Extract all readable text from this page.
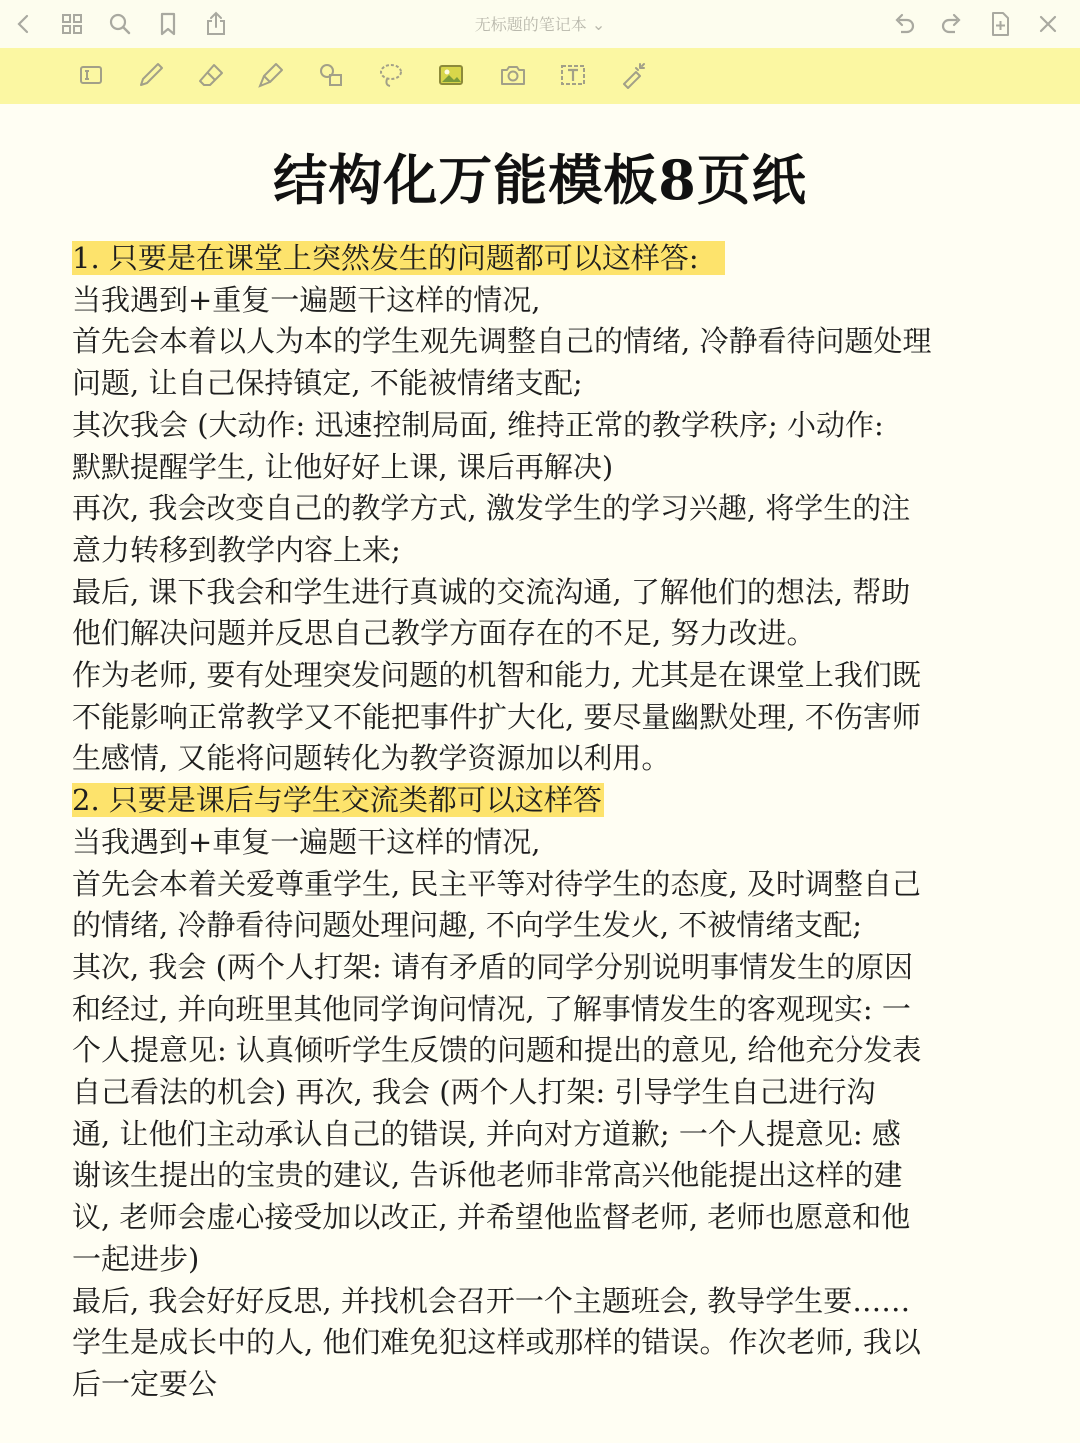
无标题的笔记本 ⌄
结构化万能模板8页纸
1. 只要是在课堂上突然发生的问题都可以这样答:
当我遇到+重复一遍题干这样的情况,
首先会本着以人为本的学生观先调整自己的情绪, 冷静看待问题处理
问题, 让自己保持镇定, 不能被情绪支配;
其次我会 (大动作: 迅速控制局面, 维持正常的教学秩序; 小动作:
默默提醒学生, 让他好好上课, 课后再解决)
再次, 我会改变自己的教学方式, 激发学生的学习兴趣, 将学生的注
意力转移到教学内容上来;
最后, 课下我会和学生进行真诚的交流沟通, 了解他们的想法, 帮助
他们解决问题并反思自己教学方面存在的不足, 努力改进。
作为老师, 要有处理突发问题的机智和能力, 尤其是在课堂上我们既
不能影响正常教学又不能把事件扩大化, 要尽量幽默处理, 不伤害师
生感情, 又能将问题转化为教学资源加以利用。
2. 只要是课后与学生交流类都可以这样答
当我遇到+車复一遍题干这样的情况,
首先会本着关爱尊重学生, 民主平等对待学生的态度, 及时调整自己
的情绪, 冷静看待问题处理问趣, 不向学生发火, 不被情绪支配;
其次, 我会 (两个人打架: 请有矛盾的同学分别说明事情发生的原因
和经过, 并向班里其他同学询问情况, 了解事情发生的客观现实: 一
个人提意见: 认真倾听学生反馈的问题和提出的意见, 给他充分发表
自己看法的机会) 再次, 我会 (两个人打架: 引导学生自己进行沟
通, 让他们主动承认自己的错误, 并向对方道歉; 一个人提意见: 感
谢该生提出的宝贵的建议, 告诉他老师非常高兴他能提出这样的建
议, 老师会虚心接受加以改正, 并希望他监督老师, 老师也愿意和他
一起进步)
最后, 我会好好反思, 并找机会召开一个主题班会, 教导学生要……
学生是成长中的人, 他们难免犯这样或那样的错误。作次老师, 我以
后一定要公
